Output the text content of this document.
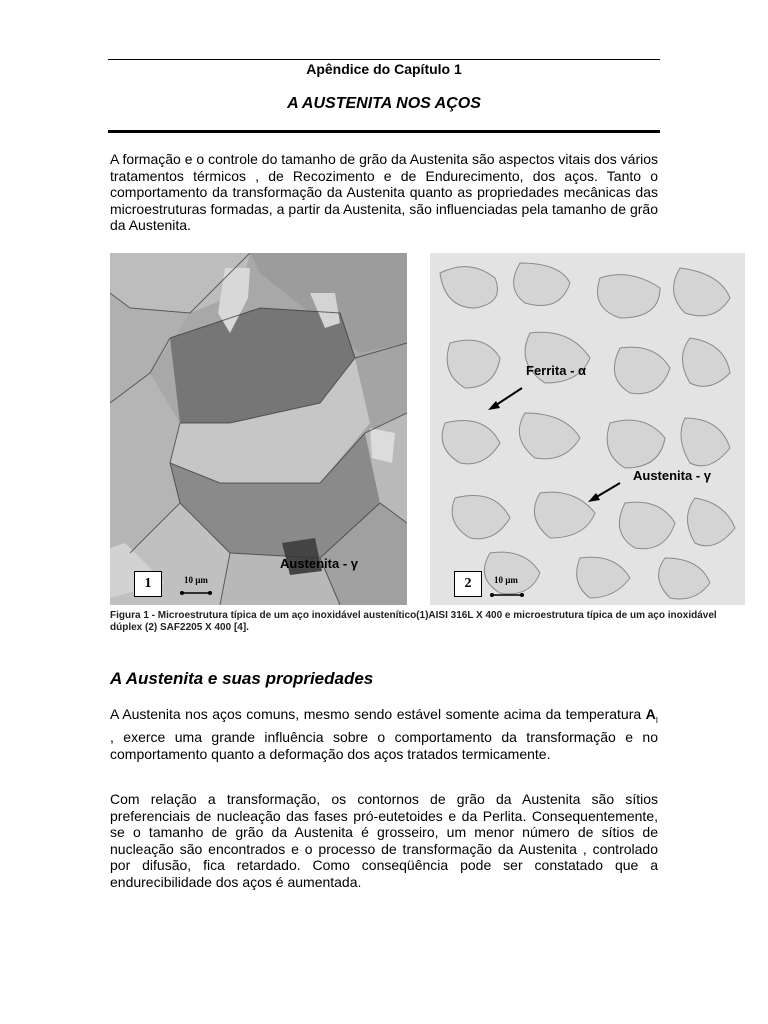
Apêndice do Capítulo 1
A AUSTENITA NOS AÇOS
A formação e o controle do tamanho de grão da Austenita são aspectos vitais dos vários tratamentos térmicos , de Recozimento e de Endurecimento, dos aços. Tanto o comportamento da transformação da Austenita quanto as propriedades mecânicas das microestruturas formadas, a partir da Austenita, são influenciadas pela tamanho de grão da Austenita.
Austenita - γ
1	10 µm
Ferrita - α
Austenita - γ
2	10 µm
Figura 1 - Microestrutura típica de um aço inoxidável austenítico(1)AISI 316L X 400 e microestrutura típica de um aço inoxidável dúplex (2) SAF2205 X 400 [4].
A Austenita e suas propriedades
A Austenita nos aços comuns, mesmo sendo estável somente acima da temperatura $A_I$ , exerce uma grande influência sobre o comportamento da transformação e no comportamento quanto a deformação dos aços tratados termicamente.
Com relação a transformação, os contornos de grão da Austenita são sítios preferenciais de nucleação das fases pró-eutetoides e da Perlita. Consequentemente, se o tamanho de grão da Austenita é grosseiro, um menor número de sítios de nucleação são encontrados e o processo de transformação da Austenita , controlado por difusão, fica retardado. Como conseqüência pode ser constatado que a endurecibilidade dos aços é aumentada.
